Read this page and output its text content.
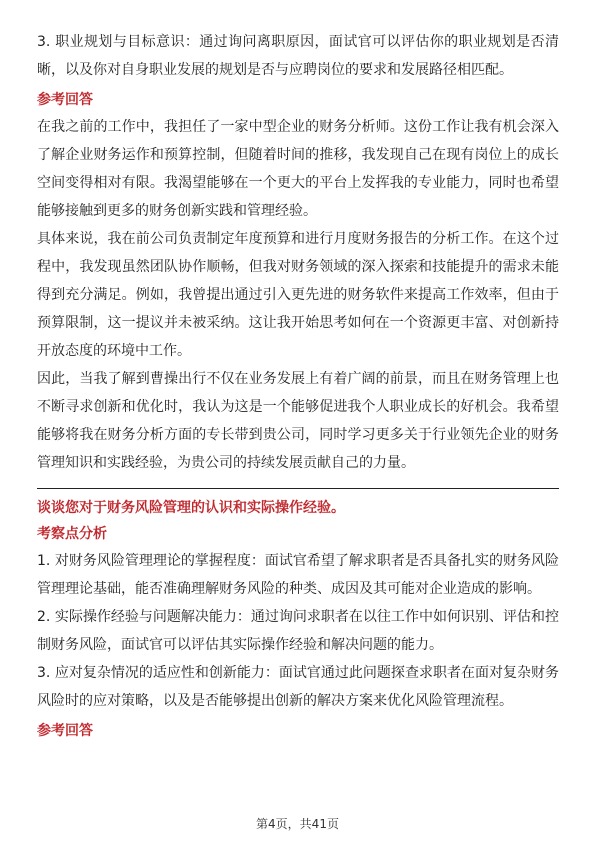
3. 职业规划与目标意识：通过询问离职原因，面试官可以评估你的职业规划是否清晰，以及你对自身职业发展的规划是否与应聘岗位的要求和发展路径相匹配。

参考回答

在我之前的工作中，我担任了一家中型企业的财务分析师。这份工作让我有机会深入了解企业财务运作和预算控制，但随着时间的推移，我发现自己在现有岗位上的成长空间变得相对有限。我渴望能够在一个更大的平台上发挥我的专业能力，同时也希望能够接触到更多的财务创新实践和管理经验。

具体来说，我在前公司负责制定年度预算和进行月度财务报告的分析工作。在这个过程中，我发现虽然团队协作顺畅，但我对财务领域的深入探索和技能提升的需求未能得到充分满足。例如，我曾提出通过引入更先进的财务软件来提高工作效率，但由于预算限制，这一提议并未被采纳。这让我开始思考如何在一个资源更丰富、对创新持开放态度的环境中工作。

因此，当我了解到曹操出行不仅在业务发展上有着广阔的前景，而且在财务管理上也不断寻求创新和优化时，我认为这是一个能够促进我个人职业成长的好机会。我希望能够将我在财务分析方面的专长带到贵公司，同时学习更多关于行业领先企业的财务管理知识和实践经验，为贵公司的持续发展贡献自己的力量。

谈谈您对于财务风险管理的认识和实际操作经验。

考察点分析

1. 对财务风险管理理论的掌握程度：面试官希望了解求职者是否具备扎实的财务风险管理理论基础，能否准确理解财务风险的种类、成因及其可能对企业造成的影响。

2. 实际操作经验与问题解决能力：通过询问求职者在以往工作中如何识别、评估和控制财务风险，面试官可以评估其实际操作经验和解决问题的能力。

3. 应对复杂情况的适应性和创新能力：面试官通过此问题探查求职者在面对复杂财务风险时的应对策略，以及是否能够提出创新的解决方案来优化风险管理流程。

参考回答

第4页，共41页
